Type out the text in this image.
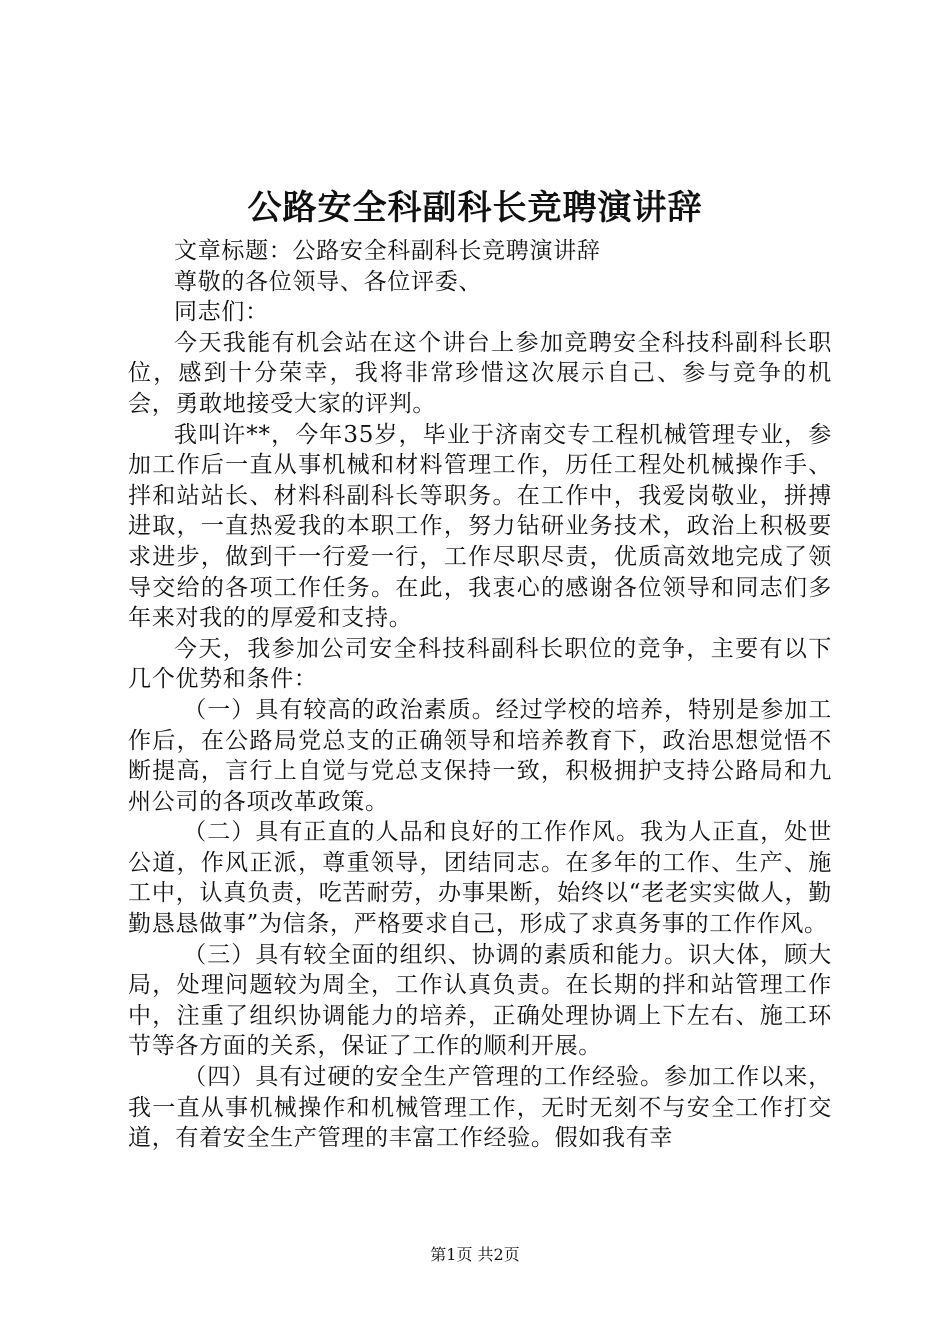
公路安全科副科长竞聘演讲辞

文章标题：公路安全科副科长竞聘演讲辞

尊敬的各位领导、各位评委、

同志们：

今天我能有机会站在这个讲台上参加竞聘安全科技科副科长职位，感到十分荣幸，我将非常珍惜这次展示自己、参与竞争的机会，勇敢地接受大家的评判。

我叫许**，今年35岁，毕业于济南交专工程机械管理专业，参加工作后一直从事机械和材料管理工作，历任工程处机械操作手、拌和站站长、材料科副科长等职务。在工作中，我爱岗敬业，拼搏进取，一直热爱我的本职工作，努力钻研业务技术，政治上积极要求进步，做到干一行爱一行，工作尽职尽责，优质高效地完成了领导交给的各项工作任务。在此，我衷心的感谢各位领导和同志们多年来对我的的厚爱和支持。

今天，我参加公司安全科技科副科长职位的竞争，主要有以下几个优势和条件：

（一）具有较高的政治素质。经过学校的培养，特别是参加工作后，在公路局党总支的正确领导和培养教育下，政治思想觉悟不断提高，言行上自觉与党总支保持一致，积极拥护支持公路局和九州公司的各项改革政策。

（二）具有正直的人品和良好的工作作风。我为人正直，处世公道，作风正派，尊重领导，团结同志。在多年的工作、生产、施工中，认真负责，吃苦耐劳，办事果断，始终以“老老实实做人，勤勤恳恳做事”为信条，严格要求自己，形成了求真务事的工作作风。

（三）具有较全面的组织、协调的素质和能力。识大体，顾大局，处理问题较为周全，工作认真负责。在长期的拌和站管理工作中，注重了组织协调能力的培养，正确处理协调上下左右、施工环节等各方面的关系，保证了工作的顺利开展。

（四）具有过硬的安全生产管理的工作经验。参加工作以来，我一直从事机械操作和机械管理工作，无时无刻不与安全工作打交道，有着安全生产管理的丰富工作经验。假如我有幸

第1页 共2页
